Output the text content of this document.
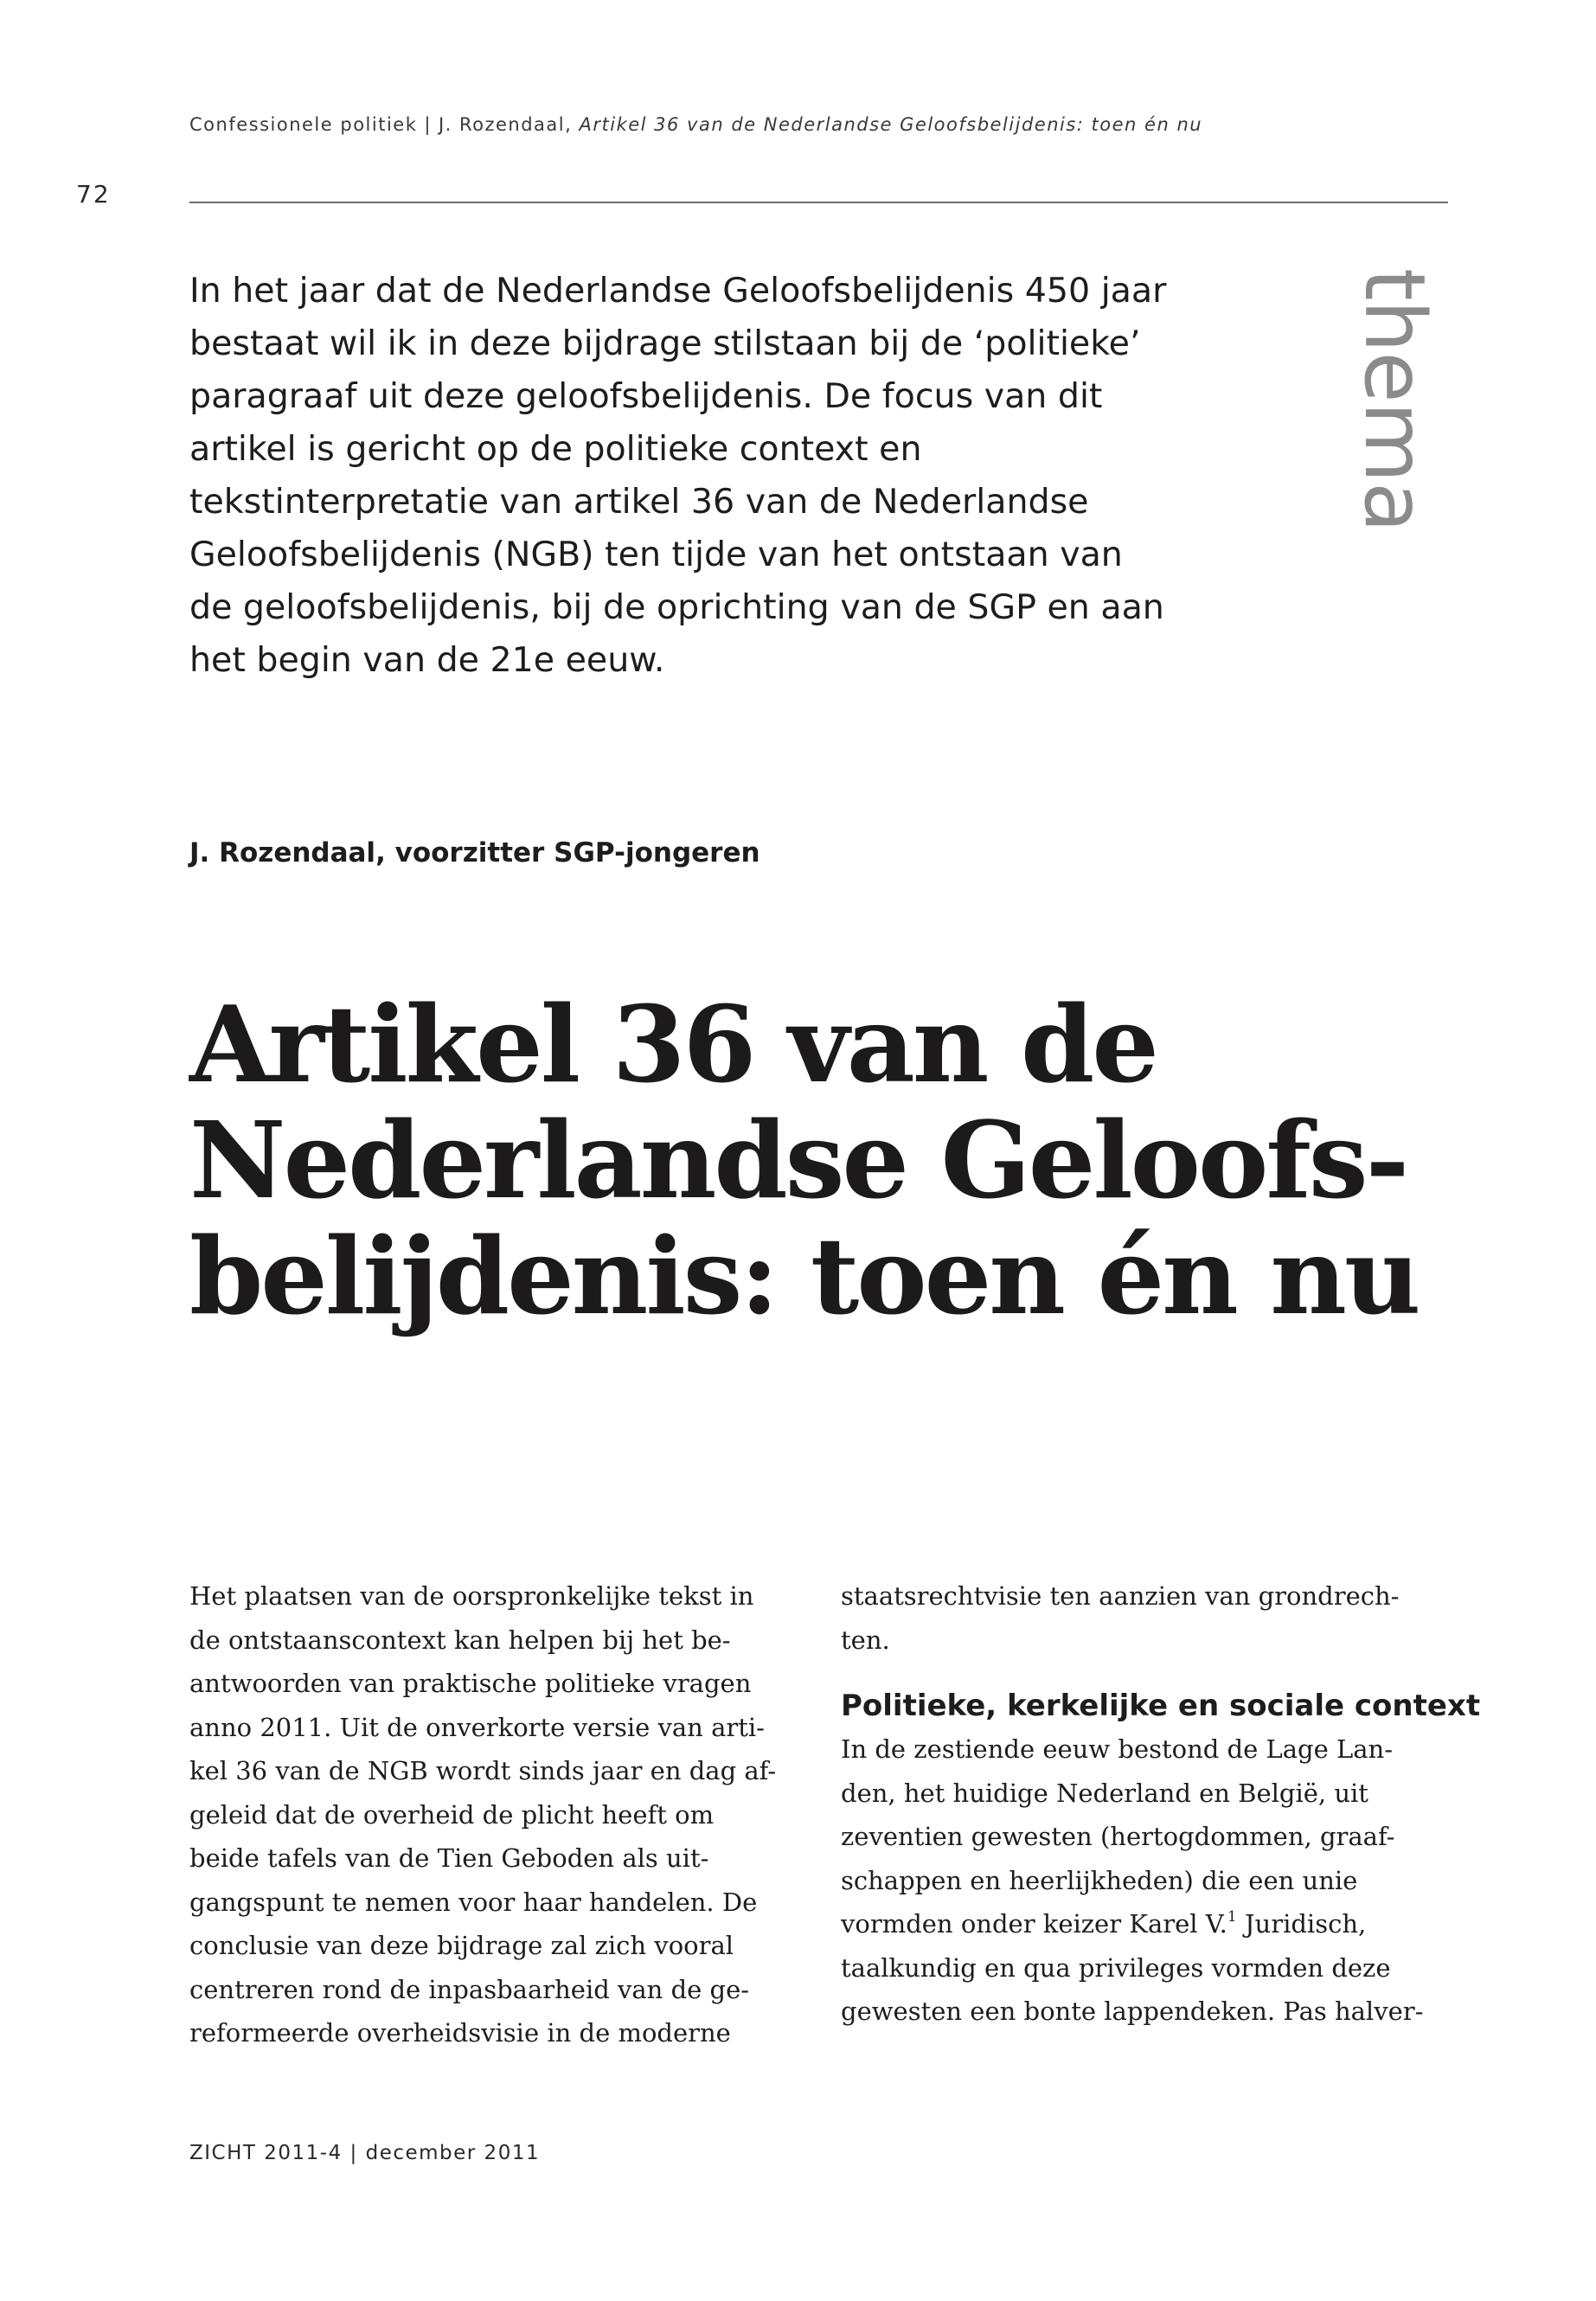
Confessionele politiek | J. Rozendaal, Artikel 36 van de Nederlandse Geloofsbelijdenis: toen én nu
72
In het jaar dat de Nederlandse Geloofsbelijdenis 450 jaar
bestaat wil ik in deze bijdrage stilstaan bij de ‘politieke’
paragraaf uit deze geloofsbelijdenis. De focus van dit
artikel is gericht op de politieke context en
tekstinterpretatie van artikel 36 van de Nederlandse
Geloofsbelijdenis (NGB) ten tijde van het ontstaan van
de geloofsbelijdenis, bij de oprichting van de SGP en aan
het begin van de 21e eeuw.
thema
J. Rozendaal, voorzitter SGP-jongeren
Artikel 36 van de
Nederlandse Geloofs-
belijdenis: toen én nu
Het plaatsen van de oorspronkelijke tekst in
de ontstaanscontext kan helpen bij het be-
antwoorden van praktische politieke vragen
anno 2011. Uit de onverkorte versie van arti-
kel 36 van de NGB wordt sinds jaar en dag af-
geleid dat de overheid de plicht heeft om
beide tafels van de Tien Geboden als uit-
gangspunt te nemen voor haar handelen. De
conclusie van deze bijdrage zal zich vooral
centreren rond de inpasbaarheid van de ge-
reformeerde overheidsvisie in de moderne
staatsrechtvisie ten aanzien van grondrech-
ten.
Politieke, kerkelijke en sociale context
In de zestiende eeuw bestond de Lage Lan-
den, het huidige Nederland en België, uit
zeventien gewesten (hertogdommen, graaf-
schappen en heerlijkheden) die een unie
vormden onder keizer Karel V.$^1$ Juridisch,
taalkundig en qua privileges vormden deze
gewesten een bonte lappendeken. Pas halver-
ZICHT 2011-4 | december 2011
